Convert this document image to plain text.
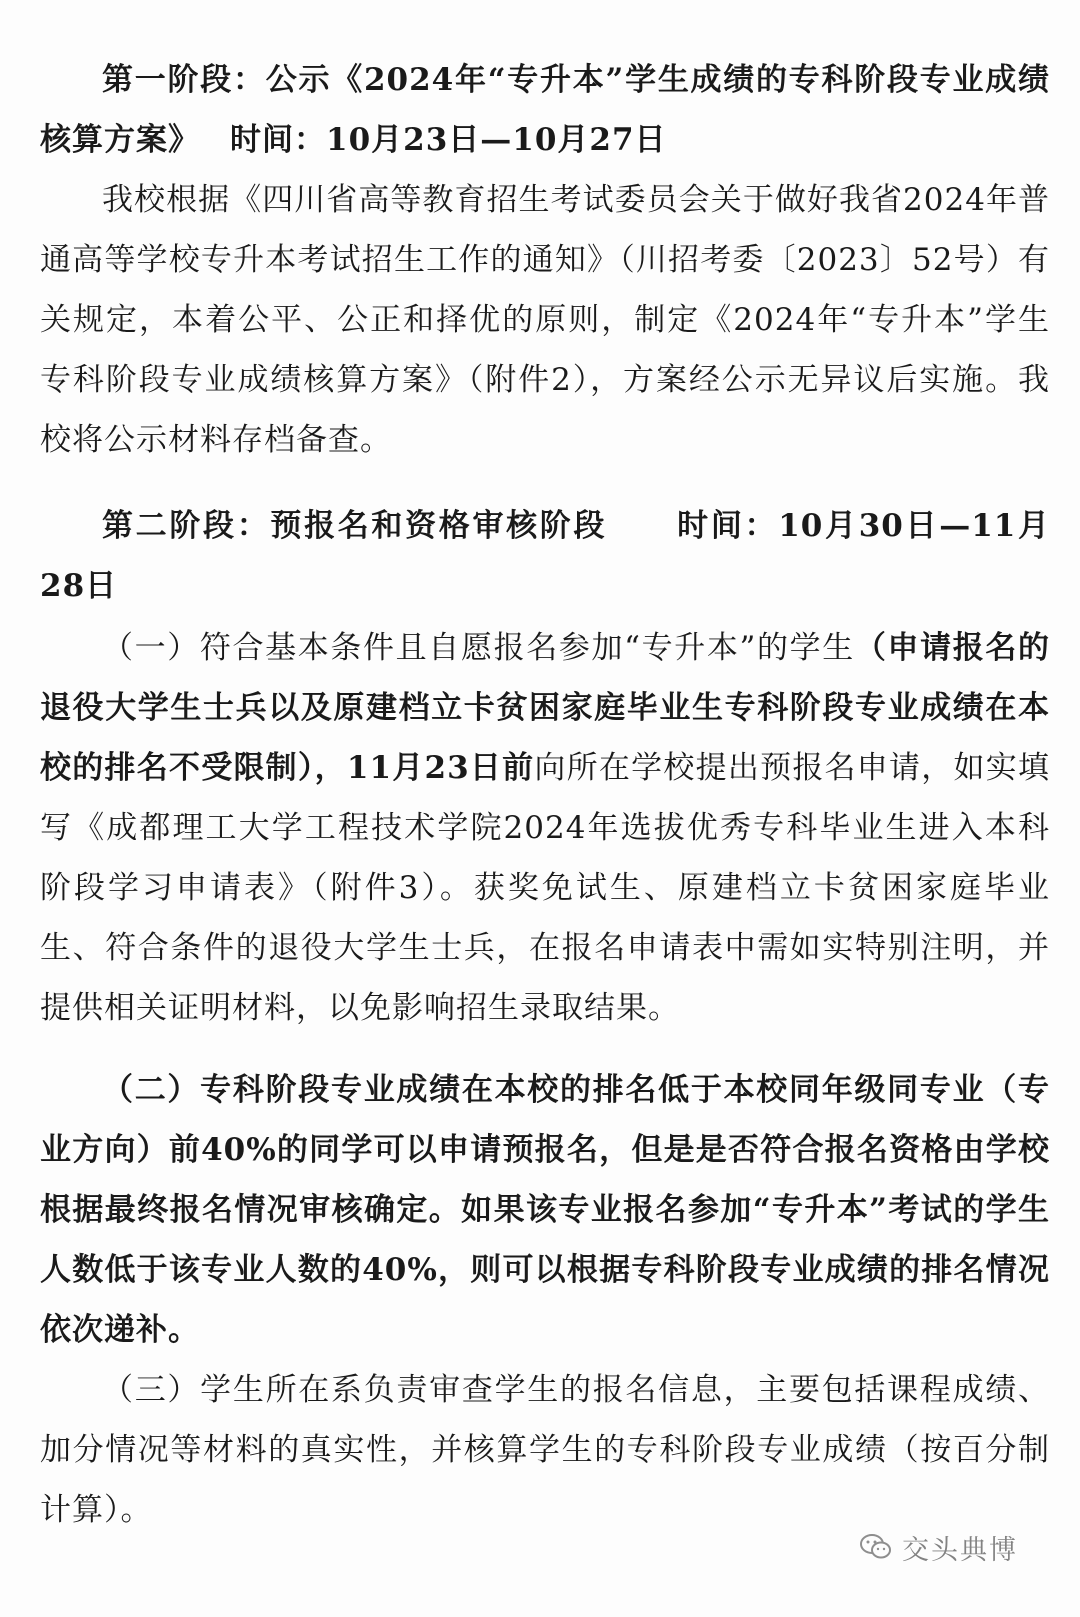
第一阶段：公示《2024年“专升本”学生成绩的专科阶段专业成绩核算方案》 时间：10月23日—10月27日

我校根据《四川省高等教育招生考试委员会关于做好我省2024年普通高等学校专升本考试招生工作的通知》（川招考委〔2023〕52号）有关规定，本着公平、公正和择优的原则，制定《2024年“专升本”学生专科阶段专业成绩核算方案》（附件2），方案经公示无异议后实施。我校将公示材料存档备查。

第二阶段：预报名和资格审核阶段 时间：10月30日—11月28日

（一）符合基本条件且自愿报名参加“专升本”的学生（申请报名的退役大学生士兵以及原建档立卡贫困家庭毕业生专科阶段专业成绩在本校的排名不受限制），11月23日前向所在学校提出预报名申请，如实填写《成都理工大学工程技术学院2024年选拔优秀专科毕业生进入本科阶段学习申请表》（附件3）。获奖免试生、原建档立卡贫困家庭毕业生、符合条件的退役大学生士兵，在报名申请表中需如实特别注明，并提供相关证明材料，以免影响招生录取结果。

（二）专科阶段专业成绩在本校的排名低于本校同年级同专业（专业方向）前40%的同学可以申请预报名，但是是否符合报名资格由学校根据最终报名情况审核确定。如果该专业报名参加“专升本”考试的学生人数低于该专业人数的40%，则可以根据专科阶段专业成绩的排名情况依次递补。

（三）学生所在系负责审查学生的报名信息，主要包括课程成绩、加分情况等材料的真实性，并核算学生的专科阶段专业成绩（按百分制计算）。

交头典博
